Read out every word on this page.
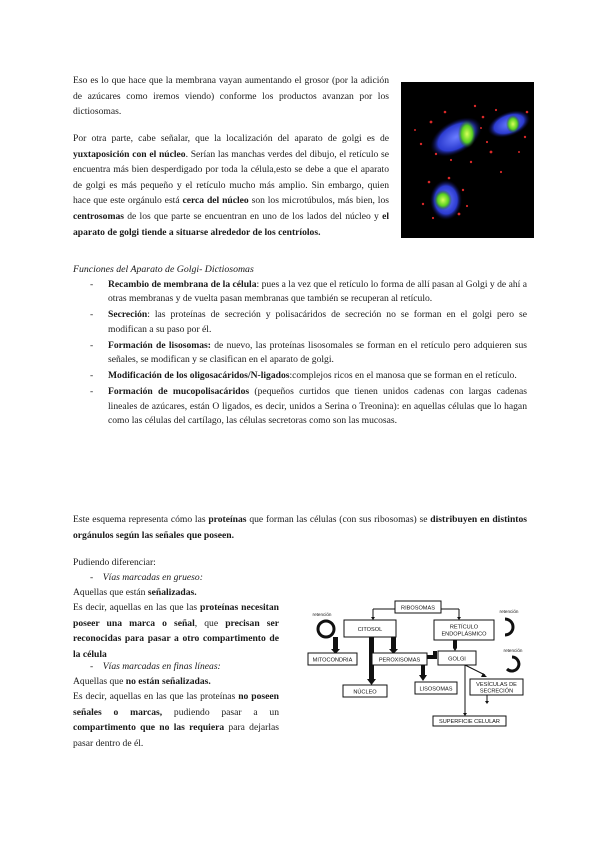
Eso es lo que hace que la membrana vayan aumentando el grosor (por la adición de azúcares como iremos viendo) conforme los productos avanzan por los dictiosomas.

Por otra parte, cabe señalar, que la localización del aparato de golgi es de yuxtaposición con el núcleo. Serían las manchas verdes del dibujo, el retículo se encuentra más bien desperdigado por toda la célula,esto se debe a que el aparato de golgi es más pequeño y el retículo mucho más amplio. Sin embargo, quien hace que este orgánulo está cerca del núcleo son los microtúbulos, más bien, los centrosomas de los que parte se encuentran en uno de los lados del núcleo y el aparato de golgi tiende a situarse alrededor de los centríolos.

Funciones del Aparato de Golgi- Dictiosomas
- Recambio de membrana de la célula: pues a la vez que el retículo lo forma de allí pasan al Golgi y de ahí a otras membranas y de vuelta pasan membranas que también se recuperan al retículo.
- Secreción: las proteínas de secreción y polisacáridos de secreción no se forman en el golgi pero se modifican a su paso por él.
- Formación de lisosomas: de nuevo, las proteínas lisosomales se forman en el retículo pero adquieren sus señales, se modifican y se clasifican en el aparato de golgi.
- Modificación de los oligosacáridos/N-ligados:complejos ricos en el manosa que se forman en el retículo.
- Formación de mucopolisacáridos (pequeños curtidos que tienen unidos cadenas con largas cadenas lineales de azúcares, están O ligados, es decir, unidos a Serina o Treonina): en aquellas células que lo hagan como las células del cartílago, las células secretoras como son las mucosas.

Este esquema representa cómo las proteínas que forman las células (con sus ribosomas) se distribuyen en distintos orgánulos según las señales que poseen.

Pudiendo diferenciar:

- Vías marcadas en grueso:

Aquellas que están señalizadas.

Es decir, aquellas en las que las proteínas necesitan poseer una marca o señal, que precisan ser reconocidas para pasar a otro compartimento de la célula

- Vías marcadas en finas líneas:

Aquellas que no están señalizadas.

Es decir, aquellas en las que las proteínas no poseen señales o marcas, pudiendo pasar a un compartimento que no las requiera para dejarlas pasar dentro de él.

RIBOSOMAS
CITOSOL	RETÍCULO
ENDOPLÁSMICO
MITOCONDRIA	PEROXISOMAS	GOLGI
NÚCLEO	LISOSOMAS
VESÍCULAS DE
SECRECIÓN
SUPERFICIE CELULAR
retención
retención
retención
